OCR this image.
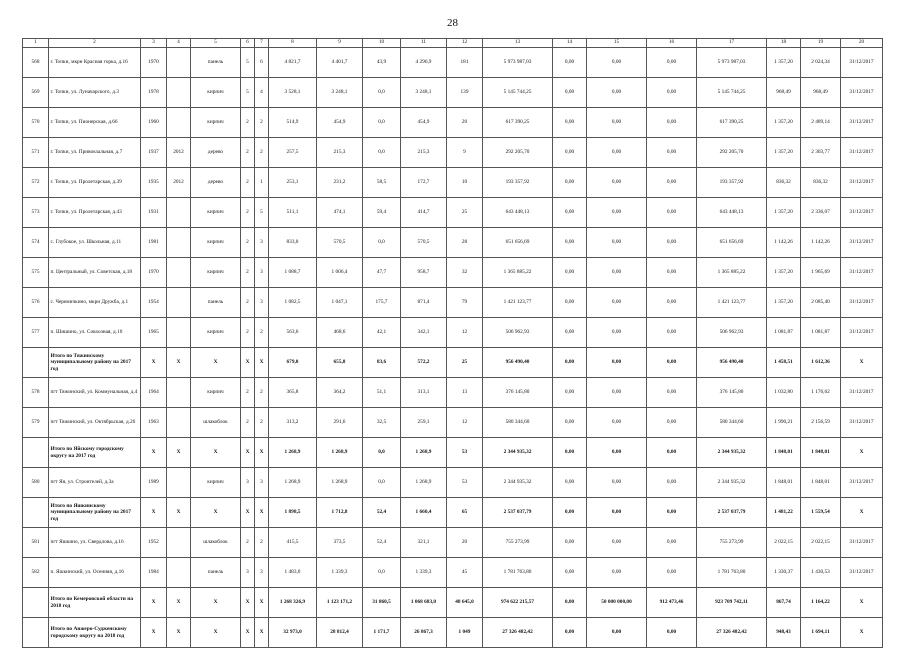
28
1	2	3	4	5	6	7	8	9	10	11	12	13	14	15	16	17	18	19	20
568	г. Топки, мкрн Красная горка, д.16	1970		панель	5	6	4 821,7	4 401,7	43,9	4 296,9	181	5 973 987,03	0,00	0,00	0,00	5 973 987,03	1 357,20	2 024,34	31/12/2017
569	г. Топки, ул. Луначарского, д.3	1978		кирпич	5	4	3 528,1	3 248,1	0,0	3 248,1	139	5 145 744,25	0,00	0,00	0,00	5 145 744,25	968,49	968,49	31/12/2017
570	г. Топки, ул. Пионерская, д.66	1960		кирпич	2	2	514,9	454,9	0,0	454,9	20	617 390,25	0,00	0,00	0,00	617 390,25	1 357,20	2 489,14	31/12/2017
571	г. Топки, ул. Привокзальная, д.7	1937	2012	дерево	2	2	257,5	215,3	0,0	215,3	9	292 205,70	0,00	0,00	0,00	292 205,70	1 357,20	2 303,77	31/12/2017
572	г. Топки, ул. Пролетарская, д.39	1935	2012	дерево	2	1	253,1	231,2	58,5	172,7	10	193 357,92	0,00	0,00	0,00	193 357,92	836,32	836,32	31/12/2017
573	г. Топки, ул. Пролетарская, д.43	1931		кирпич	2	5	511,1	474,1	59,4	414,7	25	643 448,13	0,00	0,00	0,00	643 448,13	1 357,20	2 336,07	31/12/2017
574	с. Глубокое, ул. Школьная, д.11	1981		кирпич	2	3	833,0	570,5	0,0	570,5	28	651 656,69	0,00	0,00	0,00	651 656,69	1 142,26	1 142,26	31/12/2017
575	п. Центральный, ул. Советская, д.18	1970		кирпич	2	3	1 088,7	1 006,4	47,7	958,7	32	1 365 885,22	0,00	0,00	0,00	1 365 885,22	1 357,20	1 965,69	31/12/2017
576	с. Черемичкино, мкрн Дружба, д.1	1954		панель	2	3	1 082,5	1 047,1	175,7	871,4	79	1 421 123,77	0,00	0,00	0,00	1 421 123,77	1 357,20	2 085,40	31/12/2017
577	п. Шишино, ул. Совхозная, д.10	1965		кирпич	2	2	563,6	468,6	42,1	342,1	12	506 962,93	0,00	0,00	0,00	506 962,93	1 081,87	1 081,87	31/12/2017
	Итого по Тяжинскому муниципальному району на 2017 год	X	X	X	X	X	679,0	655,8	83,6	572,2	25	956 490,40	0,00	0,00	0,00	956 490,40	1 458,51	1 612,36	X
578	пгт Тяжинский, ул. Коммунальная, д.4	1964		кирпич	2	2	365,8	364,2	51,1	313,1	13	376 145,80	0,00	0,00	0,00	376 145,80	1 032,80	1 176,62	31/12/2017
579	пгт Тяжинский, ул. Октябрьская, д.26	1963		шлакоблок	2	2	313,2	291,6	32,5	259,1	12	580 344,60	0,00	0,00	0,00	580 344,60	1 990,21	2 156,59	31/12/2017
	Итого по Яйскому городскому округу на 2017 год	X	X	X	X	X	1 268,9	1 268,9	0,0	1 268,9	53	2 344 935,32	0,00	0,00	0,00	2 344 935,32	1 848,01	1 848,01	X
580	пгт Яя, ул. Строителей, д.3а	1989		кирпич	3	3	1 268,9	1 268,9	0,0	1 268,9	53	2 344 935,32	0,00	0,00	0,00	2 344 935,32	1 848,01	1 848,01	31/12/2017
	Итого по Яшкинскому муниципальному району на 2017 год	X	X	X	X	X	1 898,5	1 712,8	52,4	1 660,4	65	2 537 037,79	0,00	0,00	0,00	2 537 037,79	1 481,22	1 559,54	X
581	пгт Яшкино, ул. Свердлова, д.16	1952		шлакоблок	2	2	415,5	373,5	52,4	321,1	20	755 273,99	0,00	0,00	0,00	755 273,99	2 022,15	2 022,15	31/12/2017
582	п. Яшкинский, ул. Осенняя, д.16	1984		панель	3	3	1 483,0	1 339,3	0,0	1 339,3	45	1 781 763,80	0,00	0,00	0,00	1 781 763,80	1 330,37	1 430,53	31/12/2017
	Итого по Кемеровской области на 2018 год	X	X	X	X	X	1 268 326,9	1 123 171,2	31 860,5	1 068 683,0	48 645,0	974 622 215,57	0,00	50 000 000,00	912 473,46	923 709 742,11	867,74	1 164,22	X
	Итого по Анжеро-Судженскому городскому округу на 2018 год	X	X	X	X	X	32 973,0	28 812,4	1 171,7	26 867,3	1 049	27 326 482,42	0,00	0,00	0,00	27 326 482,42	948,43	1 694,11	X
